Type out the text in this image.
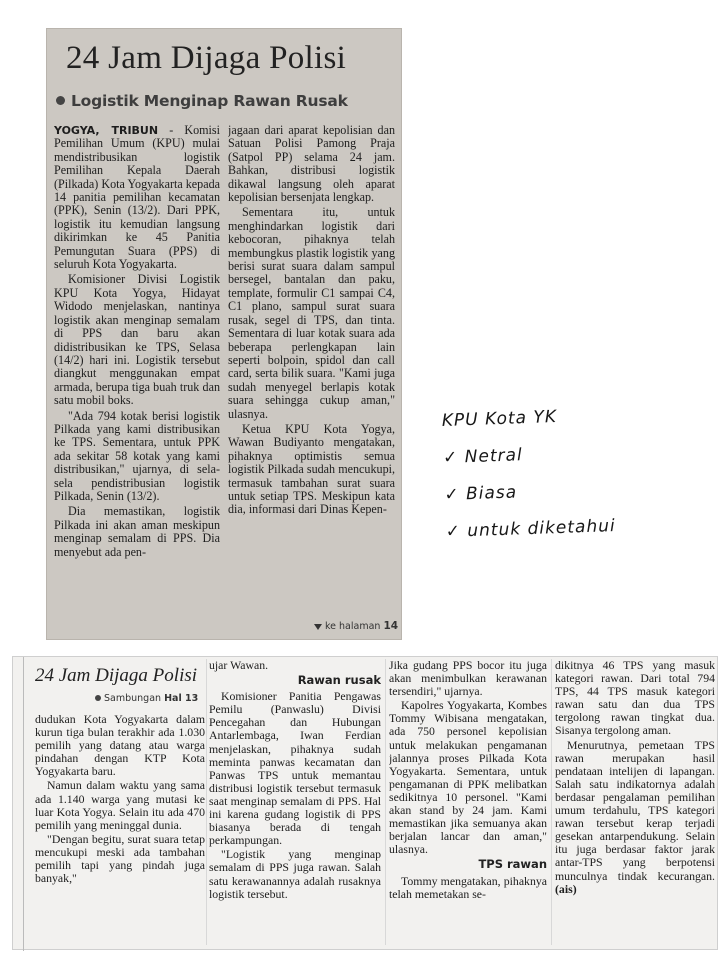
24 Jam Dijaga Polisi
Logistik Menginap Rawan Rusak

YOGYA, TRIBUN - Komisi Pemilihan Umum (KPU) mulai mendistribusikan logistik Pemilihan Kepala Daerah (Pilkada) Kota Yogyakarta kepada 14 panitia pemilihan kecamatan (PPK), Senin (13/2). Dari PPK, logistik itu kemudian langsung dikirimkan ke 45 Panitia Pemungutan Suara (PPS) di seluruh Kota Yogyakarta.

Komisioner Divisi Logistik KPU Kota Yogya, Hidayat Widodo menjelaskan, nantinya logistik akan menginap semalam di PPS dan baru akan didistribusikan ke TPS, Selasa (14/2) hari ini. Logistik tersebut diangkut menggunakan empat armada, berupa tiga buah truk dan satu mobil boks.

"Ada 794 kotak berisi logistik Pilkada yang kami distribusikan ke TPS. Sementara, untuk PPK ada sekitar 58 kotak yang kami distribusikan," ujarnya, di sela-sela pendistribusian logistik Pilkada, Senin (13/2).

Dia memastikan, logistik Pilkada ini akan aman meskipun menginap semalam di PPS. Dia menyebut ada pen-

jagaan dari aparat kepolisian dan Satuan Polisi Pamong Praja (Satpol PP) selama 24 jam. Bahkan, distribusi logistik dikawal langsung oleh aparat kepolisian bersenjata lengkap.

Sementara itu, untuk menghindarkan logistik dari kebocoran, pihaknya telah membungkus plastik logistik yang berisi surat suara dalam sampul bersegel, bantalan dan paku, template, formulir C1 sampai C4, C1 plano, sampul surat suara rusak, segel di TPS, dan tinta. Sementara di luar kotak suara ada beberapa perlengkapan lain seperti bolpoin, spidol dan call card, serta bilik suara. "Kami juga sudah menyegel berlapis kotak suara sehingga cukup aman," ulasnya.

Ketua KPU Kota Yogya, Wawan Budiyanto mengatakan, pihaknya optimistis semua logistik Pilkada sudah mencukupi, termasuk tambahan surat suara untuk setiap TPS. Meskipun kata dia, informasi dari Dinas Kepen-

ke halaman 14
KPU Kota YK
✓ Netral
✓ Biasa
✓ untuk diketahui
24 Jam Dijaga Polisi
Sambungan Hal 13

dudukan Kota Yogyakarta dalam kurun tiga bulan terakhir ada 1.030 pemilih yang datang atau warga pindahan dengan KTP Kota Yogyakarta baru.

Namun dalam waktu yang sama ada 1.140 warga yang mutasi ke luar Kota Yogya. Selain itu ada 470 pemilih yang meninggal dunia.

"Dengan begitu, surat suara tetap mencukupi meski ada tambahan pemilih tapi yang pindah juga banyak,"

ujar Wawan.

Rawan rusak

Komisioner Panitia Pengawas Pemilu (Panwaslu) Divisi Pencegahan dan Hubungan Antarlembaga, Iwan Ferdian menjelaskan, pihaknya sudah meminta panwas kecamatan dan Panwas TPS untuk memantau distribusi logistik tersebut termasuk saat menginap semalam di PPS. Hal ini karena gudang logistik di PPS biasanya berada di tengah perkampungan.

"Logistik yang menginap semalam di PPS juga rawan. Salah satu kerawanannya adalah rusaknya logistik tersebut.

Jika gudang PPS bocor itu juga akan menimbulkan kerawanan tersendiri," ujarnya.

Kapolres Yogyakarta, Kombes Tommy Wibisana mengatakan, ada 750 personel kepolisian untuk melakukan pengamanan jalannya proses Pilkada Kota Yogyakarta. Sementara, untuk pengamanan di PPK melibatkan sedikitnya 10 personel. "Kami akan stand by 24 jam. Kami memastikan jika semuanya akan berjalan lancar dan aman," ulasnya.

TPS rawan

Tommy mengatakan, pihaknya telah memetakan se-

dikitnya 46 TPS yang masuk kategori rawan. Dari total 794 TPS, 44 TPS masuk kategori rawan satu dan dua TPS tergolong rawan tingkat dua. Sisanya tergolong aman.

Menurutnya, pemetaan TPS rawan merupakan hasil pendataan intelijen di lapangan. Salah satu indikatornya adalah berdasar pengalaman pemilihan umum terdahulu, TPS kategori rawan tersebut kerap terjadi gesekan antarpendukung. Selain itu juga berdasar faktor jarak antar-TPS yang berpotensi munculnya tindak kecurangan. (ais)
